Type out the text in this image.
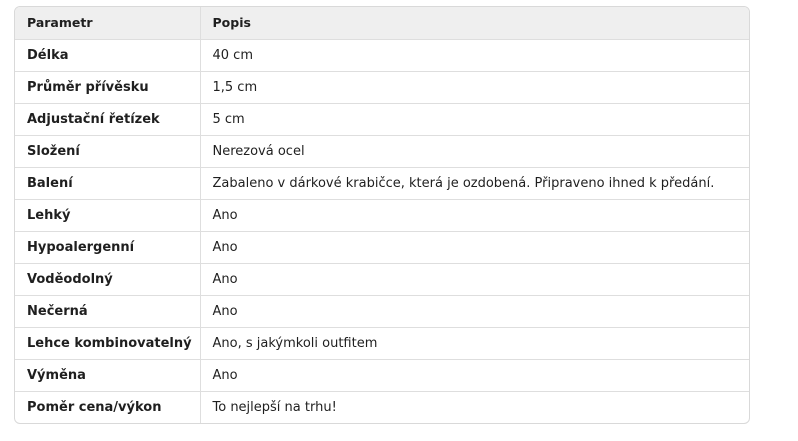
Parametr	Popis
Délka	40 cm
Průměr přívěsku	1,5 cm
Adjustační řetízek	5 cm
Složení	Nerezová ocel
Balení	Zabaleno v dárkové krabičce, která je ozdobená. Připraveno ihned k předání.
Lehký	Ano
Hypoalergenní	Ano
Voděodolný	Ano
Nečerná	Ano
Lehce kombinovatelný	Ano, s jakýmkoli outfitem
Výměna	Ano
Poměr cena/výkon	To nejlepší na trhu!
